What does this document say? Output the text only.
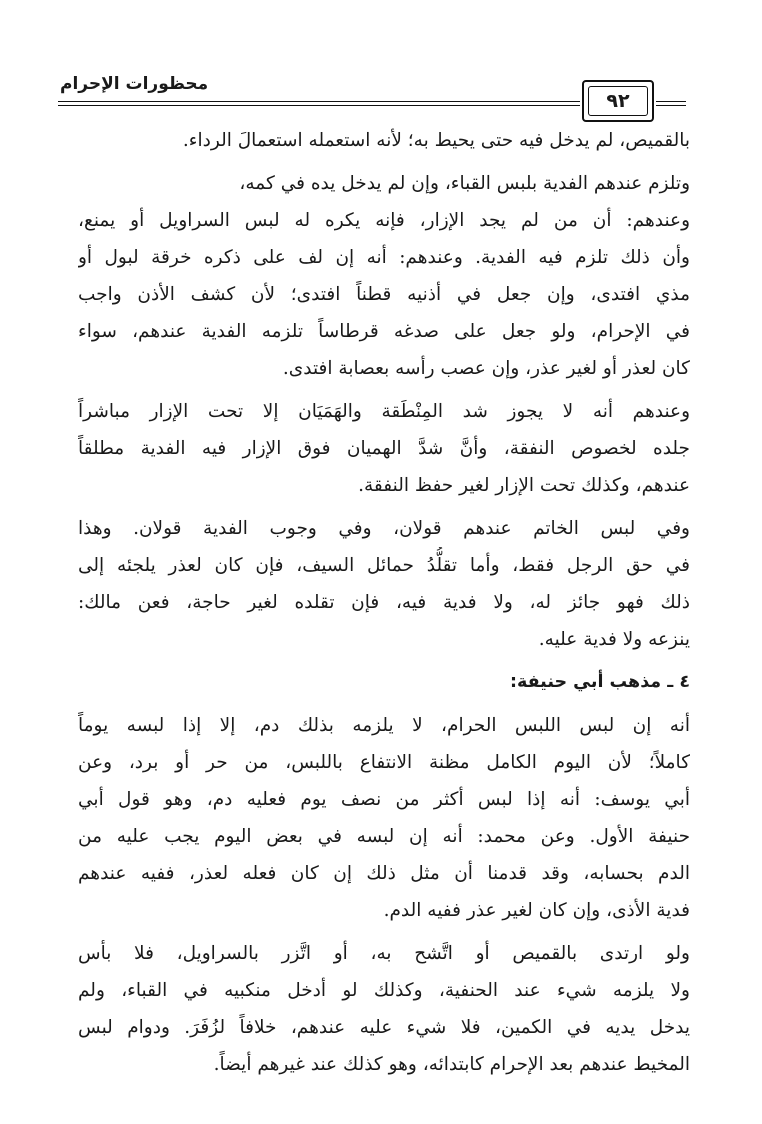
محظورات الإحرام
٩٢
بالقميص، لم يدخل فيه حتى يحيط به؛ لأنه استعمله استعمالَ الرداء.
وتلزم عندهم الفدية بلبس القباء، وإن لم يدخل يده في كمه،
وعندهم: أن من لم يجد الإزار، فإنه يكره له لبس السراويل أو يمنع،
وأن ذلك تلزم فيه الفدية. وعندهم: أنه إن لف على ذكره خرقة لبول أو
مذي افتدى، وإن جعل في أذنيه قطناً افتدى؛ لأن كشف الأذن واجب
في الإحرام، ولو جعل على صدغه قرطاساً تلزمه الفدية عندهم، سواء
كان لعذر أو لغير عذر، وإن عصب رأسه بعصابة افتدى.
وعندهم أنه لا يجوز شد المِنْطَقة والهَمَيَان إلا تحت الإزار مباشراً
جلده لخصوص النفقة، وأنَّ شدَّ الهميان فوق الإزار فيه الفدية مطلقاً
عندهم، وكذلك تحت الإزار لغير حفظ النفقة.
وفي لبس الخاتم عندهم قولان، وفي وجوب الفدية قولان. وهذا
في حق الرجل فقط، وأما تقلُّدُ حمائل السيف، فإن كان لعذر يلجئه إلى
ذلك فهو جائز له، ولا فدية فيه، فإن تقلده لغير حاجة، فعن مالك:
ينزعه ولا فدية عليه.
٤ ـ مذهب أبي حنيفة:
أنه إن لبس اللبس الحرام، لا يلزمه بذلك دم، إلا إذا لبسه يوماً
كاملاً؛ لأن اليوم الكامل مظنة الانتفاع باللبس، من حر أو برد، وعن
أبي يوسف: أنه إذا لبس أكثر من نصف يوم فعليه دم، وهو قول أبي
حنيفة الأول. وعن محمد: أنه إن لبسه في بعض اليوم يجب عليه من
الدم بحسابه، وقد قدمنا أن مثل ذلك إن كان فعله لعذر، ففيه عندهم
فدية الأذى، وإن كان لغير عذر ففيه الدم.
ولو ارتدى بالقميص أو اتَّشح به، أو اتَّزر بالسراويل، فلا بأس
ولا يلزمه شيء عند الحنفية، وكذلك لو أدخل منكبيه في القباء، ولم
يدخل يديه في الكمين، فلا شيء عليه عندهم، خلافاً لزُفَرَ. ودوام لبس
المخيط عندهم بعد الإحرام كابتدائه، وهو كذلك عند غيرهم أيضاً.
